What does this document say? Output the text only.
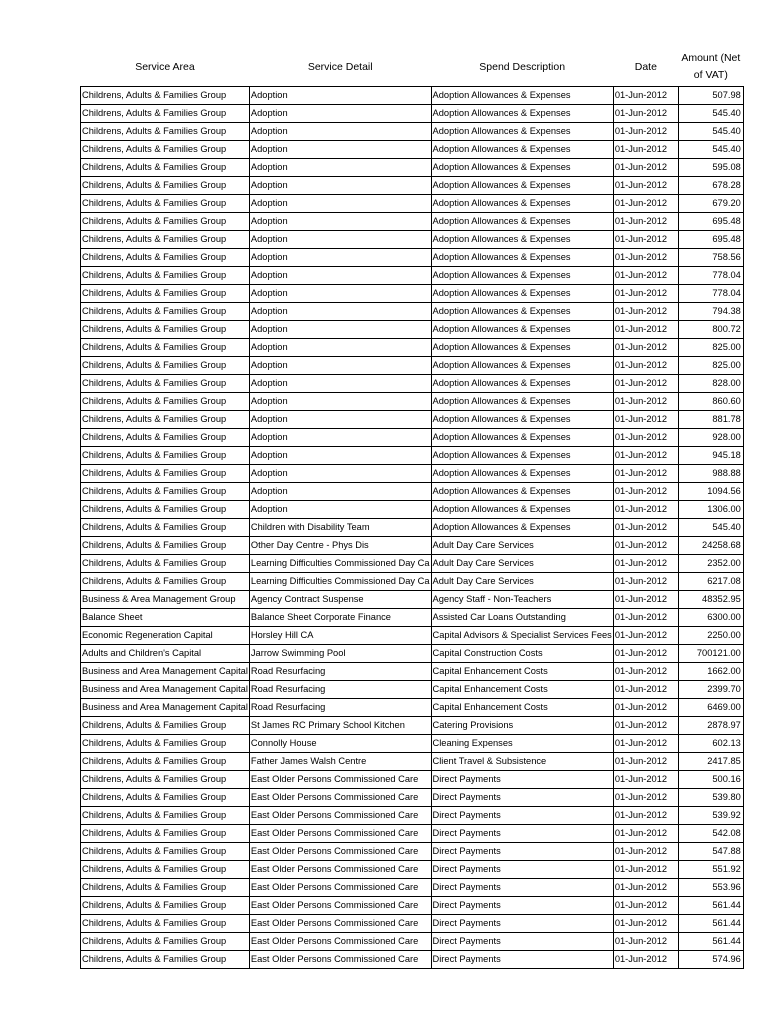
Service Area	Service Detail	Spend Description	Date	Amount (Net of VAT)
Childrens, Adults & Families Group	Adoption	Adoption Allowances & Expenses	01-Jun-2012	507.98
Childrens, Adults & Families Group	Adoption	Adoption Allowances & Expenses	01-Jun-2012	545.40
Childrens, Adults & Families Group	Adoption	Adoption Allowances & Expenses	01-Jun-2012	545.40
Childrens, Adults & Families Group	Adoption	Adoption Allowances & Expenses	01-Jun-2012	545.40
Childrens, Adults & Families Group	Adoption	Adoption Allowances & Expenses	01-Jun-2012	595.08
Childrens, Adults & Families Group	Adoption	Adoption Allowances & Expenses	01-Jun-2012	678.28
Childrens, Adults & Families Group	Adoption	Adoption Allowances & Expenses	01-Jun-2012	679.20
Childrens, Adults & Families Group	Adoption	Adoption Allowances & Expenses	01-Jun-2012	695.48
Childrens, Adults & Families Group	Adoption	Adoption Allowances & Expenses	01-Jun-2012	695.48
Childrens, Adults & Families Group	Adoption	Adoption Allowances & Expenses	01-Jun-2012	758.56
Childrens, Adults & Families Group	Adoption	Adoption Allowances & Expenses	01-Jun-2012	778.04
Childrens, Adults & Families Group	Adoption	Adoption Allowances & Expenses	01-Jun-2012	778.04
Childrens, Adults & Families Group	Adoption	Adoption Allowances & Expenses	01-Jun-2012	794.38
Childrens, Adults & Families Group	Adoption	Adoption Allowances & Expenses	01-Jun-2012	800.72
Childrens, Adults & Families Group	Adoption	Adoption Allowances & Expenses	01-Jun-2012	825.00
Childrens, Adults & Families Group	Adoption	Adoption Allowances & Expenses	01-Jun-2012	825.00
Childrens, Adults & Families Group	Adoption	Adoption Allowances & Expenses	01-Jun-2012	828.00
Childrens, Adults & Families Group	Adoption	Adoption Allowances & Expenses	01-Jun-2012	860.60
Childrens, Adults & Families Group	Adoption	Adoption Allowances & Expenses	01-Jun-2012	881.78
Childrens, Adults & Families Group	Adoption	Adoption Allowances & Expenses	01-Jun-2012	928.00
Childrens, Adults & Families Group	Adoption	Adoption Allowances & Expenses	01-Jun-2012	945.18
Childrens, Adults & Families Group	Adoption	Adoption Allowances & Expenses	01-Jun-2012	988.88
Childrens, Adults & Families Group	Adoption	Adoption Allowances & Expenses	01-Jun-2012	1094.56
Childrens, Adults & Families Group	Adoption	Adoption Allowances & Expenses	01-Jun-2012	1306.00
Childrens, Adults & Families Group	Children with Disability Team	Adoption Allowances & Expenses	01-Jun-2012	545.40
Childrens, Adults & Families Group	Other Day Centre - Phys Dis	Adult Day Care Services	01-Jun-2012	24258.68
Childrens, Adults & Families Group	Learning Difficulties Commissioned Day Ca	Adult Day Care Services	01-Jun-2012	2352.00
Childrens, Adults & Families Group	Learning Difficulties Commissioned Day Ca	Adult Day Care Services	01-Jun-2012	6217.08
Business & Area Management Group	Agency Contract Suspense	Agency Staff - Non-Teachers	01-Jun-2012	48352.95
Balance Sheet	Balance Sheet Corporate Finance	Assisted Car Loans Outstanding	01-Jun-2012	6300.00
Economic Regeneration Capital	Horsley Hill CA	Capital Advisors & Specialist Services Fees	01-Jun-2012	2250.00
Adults and Children's Capital	Jarrow Swimming Pool	Capital Construction Costs	01-Jun-2012	700121.00
Business and Area Management Capital	Road Resurfacing	Capital Enhancement Costs	01-Jun-2012	1662.00
Business and Area Management Capital	Road Resurfacing	Capital Enhancement Costs	01-Jun-2012	2399.70
Business and Area Management Capital	Road Resurfacing	Capital Enhancement Costs	01-Jun-2012	6469.00
Childrens, Adults & Families Group	St James RC Primary School Kitchen	Catering Provisions	01-Jun-2012	2878.97
Childrens, Adults & Families Group	Connolly House	Cleaning Expenses	01-Jun-2012	602.13
Childrens, Adults & Families Group	Father James Walsh Centre	Client Travel & Subsistence	01-Jun-2012	2417.85
Childrens, Adults & Families Group	East Older Persons Commissioned Care	Direct Payments	01-Jun-2012	500.16
Childrens, Adults & Families Group	East Older Persons Commissioned Care	Direct Payments	01-Jun-2012	539.80
Childrens, Adults & Families Group	East Older Persons Commissioned Care	Direct Payments	01-Jun-2012	539.92
Childrens, Adults & Families Group	East Older Persons Commissioned Care	Direct Payments	01-Jun-2012	542.08
Childrens, Adults & Families Group	East Older Persons Commissioned Care	Direct Payments	01-Jun-2012	547.88
Childrens, Adults & Families Group	East Older Persons Commissioned Care	Direct Payments	01-Jun-2012	551.92
Childrens, Adults & Families Group	East Older Persons Commissioned Care	Direct Payments	01-Jun-2012	553.96
Childrens, Adults & Families Group	East Older Persons Commissioned Care	Direct Payments	01-Jun-2012	561.44
Childrens, Adults & Families Group	East Older Persons Commissioned Care	Direct Payments	01-Jun-2012	561.44
Childrens, Adults & Families Group	East Older Persons Commissioned Care	Direct Payments	01-Jun-2012	561.44
Childrens, Adults & Families Group	East Older Persons Commissioned Care	Direct Payments	01-Jun-2012	574.96
